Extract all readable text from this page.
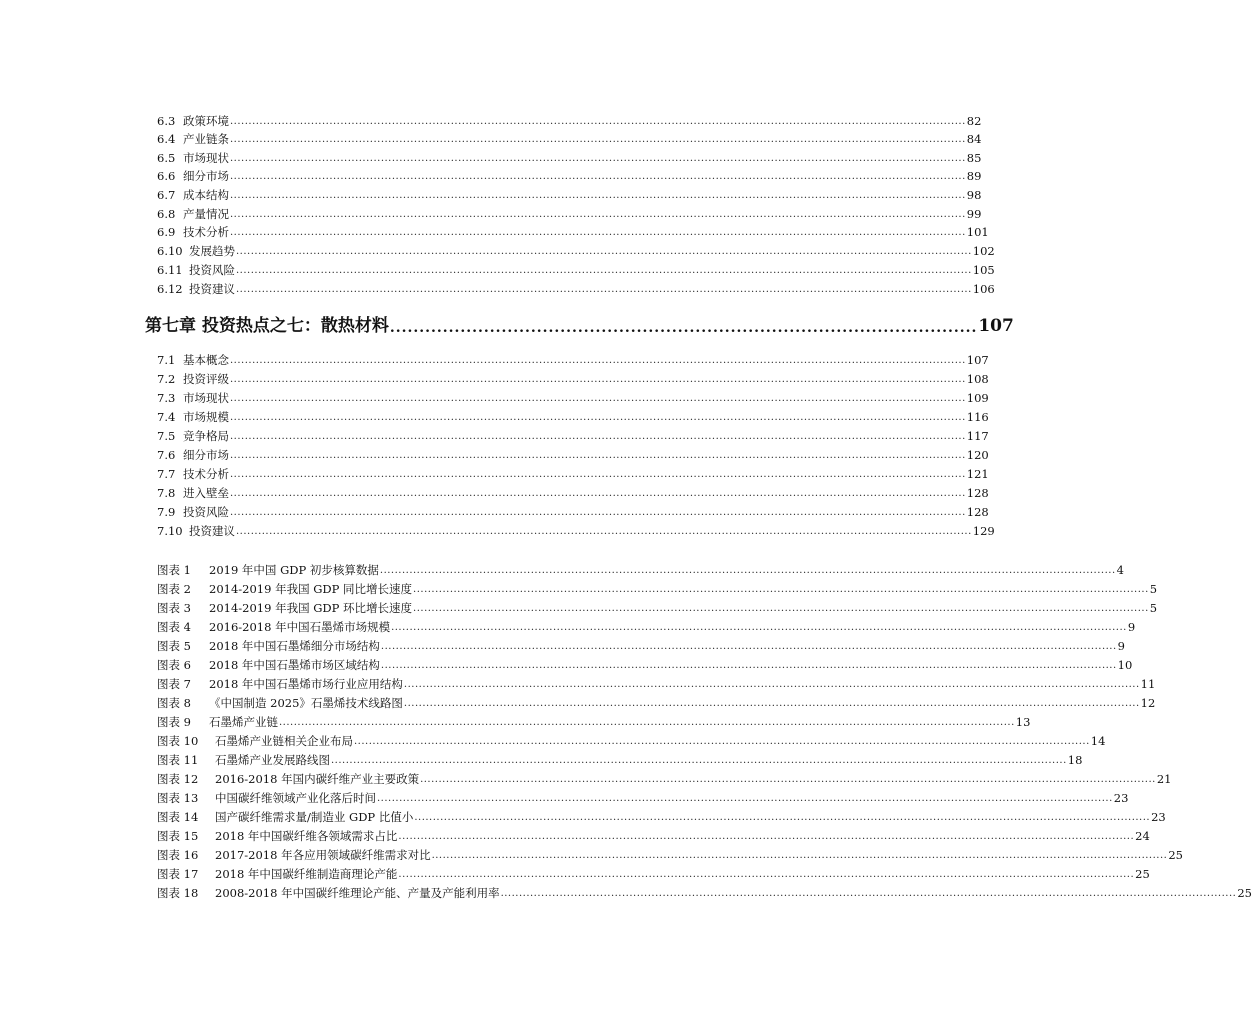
6.3 政策环境 ........................................................................................................................................................................................................ 82
6.4 产业链条 ........................................................................................................................................................................................................ 84
6.5 市场现状 ........................................................................................................................................................................................................ 85
6.6 细分市场 ........................................................................................................................................................................................................ 89
6.7 成本结构 ........................................................................................................................................................................................................ 98
6.8 产量情况 ........................................................................................................................................................................................................ 99
6.9 技术分析 ........................................................................................................................................................................................................ 101
6.10 发展趋势 ........................................................................................................................................................................................................ 102
6.11 投资风险 ........................................................................................................................................................................................................ 105
6.12 投资建议 ........................................................................................................................................................................................................ 106
第七章 投资热点之七：散热材料 .................................................................................................... 107
7.1 基本概念 ........................................................................................................................................................................................................ 107
7.2 投资评级 ........................................................................................................................................................................................................ 108
7.3 市场现状 ........................................................................................................................................................................................................ 109
7.4 市场规模 ........................................................................................................................................................................................................ 116
7.5 竞争格局 ........................................................................................................................................................................................................ 117
7.6 细分市场 ........................................................................................................................................................................................................ 120
7.7 技术分析 ........................................................................................................................................................................................................ 121
7.8 进入壁垒 ........................................................................................................................................................................................................ 128
7.9 投资风险 ........................................................................................................................................................................................................ 128
7.10 投资建议 ........................................................................................................................................................................................................ 129
图表 1 2019 年中国 GDP 初步核算数据 ........................................................................................................................................................................................................ 4
图表 2 2014-2019 年我国 GDP 同比增长速度 ........................................................................................................................................................................................................ 5
图表 3 2014-2019 年我国 GDP 环比增长速度 ........................................................................................................................................................................................................ 5
图表 4 2016-2018 年中国石墨烯市场规模 ........................................................................................................................................................................................................ 9
图表 5 2018 年中国石墨烯细分市场结构 ........................................................................................................................................................................................................ 9
图表 6 2018 年中国石墨烯市场区域结构 ........................................................................................................................................................................................................ 10
图表 7 2018 年中国石墨烯市场行业应用结构 ........................................................................................................................................................................................................ 11
图表 8 《中国制造 2025》石墨烯技术线路图 ........................................................................................................................................................................................................ 12
图表 9 石墨烯产业链 ........................................................................................................................................................................................................ 13
图表 10 石墨烯产业链相关企业布局 ........................................................................................................................................................................................................ 14
图表 11 石墨烯产业发展路线图 ........................................................................................................................................................................................................ 18
图表 12 2016-2018 年国内碳纤维产业主要政策 ........................................................................................................................................................................................................ 21
图表 13 中国碳纤维领域产业化落后时间 ........................................................................................................................................................................................................ 23
图表 14 国产碳纤维需求量/制造业 GDP 比值小 ........................................................................................................................................................................................................ 23
图表 15 2018 年中国碳纤维各领域需求占比 ........................................................................................................................................................................................................ 24
图表 16 2017-2018 年各应用领域碳纤维需求对比 ........................................................................................................................................................................................................ 25
图表 17 2018 年中国碳纤维制造商理论产能 ........................................................................................................................................................................................................ 25
图表 18 2008-2018 年中国碳纤维理论产能、产量及产能利用率 ........................................................................................................................................................................................................ 25
